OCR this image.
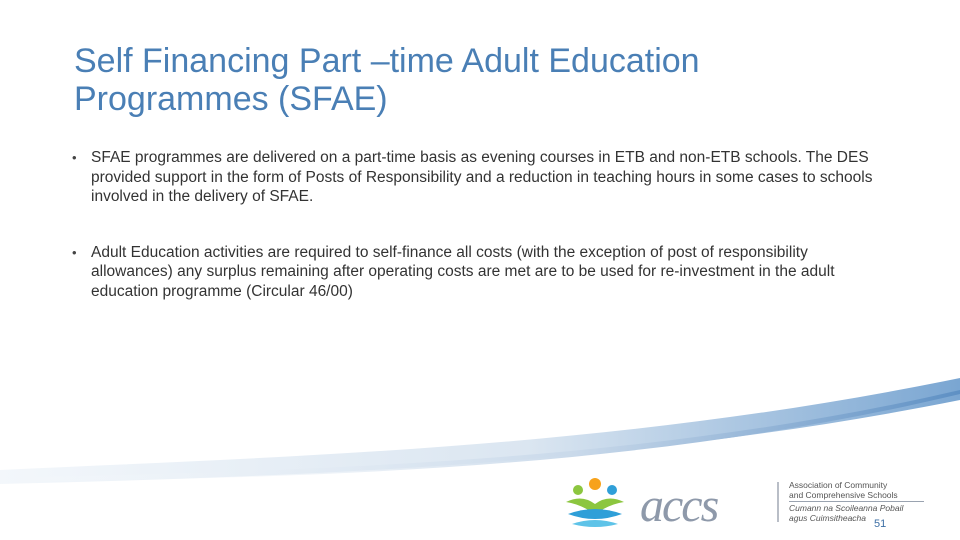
Self Financing Part –time Adult Education Programmes (SFAE)
• SFAE programmes are delivered on a part-time basis as evening courses in ETB and non-ETB schools. The DES provided support in the form of Posts of Responsibility and a reduction in teaching hours in some cases to schools involved in the delivery of SFAE.
• Adult Education activities are required to self-finance all costs (with the exception of post of responsibility allowances) any surplus remaining after operating costs are met are to be used for re-investment in the adult education programme (Circular 46/00)
accs	Association of Community
and Comprehensive Schools
Cumann na Scoileanna Pobail
agus Cuimsitheacha 51
